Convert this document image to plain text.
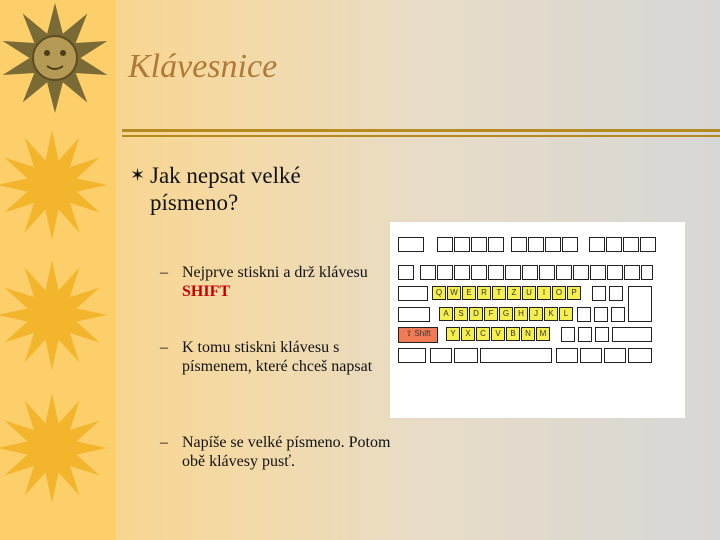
Klávesnice
✶ Jak nepsat velké písmeno?
– Nejprve stiskni a drž klávesu SHIFT
– K tomu stiskni klávesu s písmenem, které chceš napsat
– Napíše se velké písmeno. Potom obě klávesy pusť.
Q	W	E	R	T	Z	U	I	O	P
A	S	D	F	G	H	J	K	L
⇧ Shift	Y	X	C	V	B	N	M
